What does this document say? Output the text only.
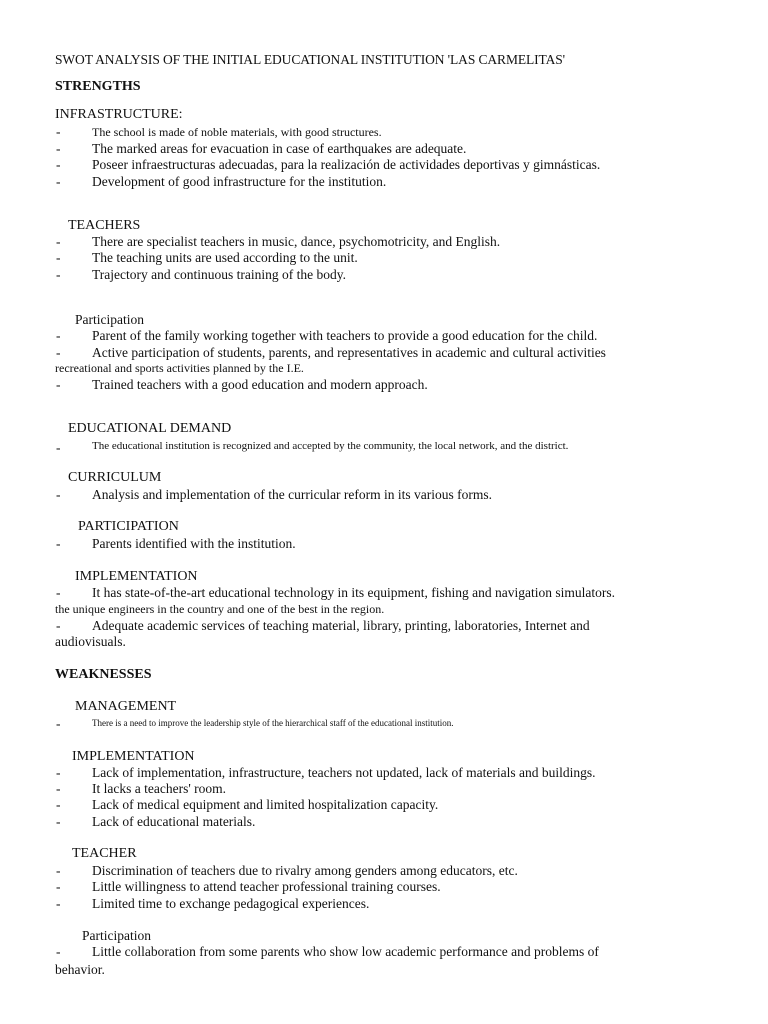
SWOT ANALYSIS OF THE INITIAL EDUCATIONAL INSTITUTION 'LAS CARMELITAS'
STRENGTHS
INFRASTRUCTURE:
-	The school is made of noble materials, with good structures.
- The marked areas for evacuation in case of earthquakes are adequate.
- Poseer infraestructuras adecuadas, para la realización de actividades deportivas y gimnásticas.
- Development of good infrastructure for the institution.
TEACHERS
- There are specialist teachers in music, dance, psychomotricity, and English.
- The teaching units are used according to the unit.
- Trajectory and continuous training of the body.
Participation
- Parent of the family working together with teachers to provide a good education for the child.
- Active participation of students, parents, and representatives in academic and cultural activities
recreational and sports activities planned by the I.E.
- Trained teachers with a good education and modern approach.
EDUCATIONAL DEMAND
-	The educational institution is recognized and accepted by the community, the local network, and the district.
CURRICULUM
- Analysis and implementation of the curricular reform in its various forms.
PARTICIPATION
- Parents identified with the institution.
IMPLEMENTATION
- It has state-of-the-art educational technology in its equipment, fishing and navigation simulators.
the unique engineers in the country and one of the best in the region.
- Adequate academic services of teaching material, library, printing, laboratories, Internet and
audiovisuals.
WEAKNESSES
MANAGEMENT
-	There is a need to improve the leadership style of the hierarchical staff of the educational institution.
IMPLEMENTATION
- Lack of implementation, infrastructure, teachers not updated, lack of materials and buildings.
- It lacks a teachers' room.
- Lack of medical equipment and limited hospitalization capacity.
- Lack of educational materials.
TEACHER
- Discrimination of teachers due to rivalry among genders among educators, etc.
- Little willingness to attend teacher professional training courses.
- Limited time to exchange pedagogical experiences.
Participation
- Little collaboration from some parents who show low academic performance and problems of
behavior.
